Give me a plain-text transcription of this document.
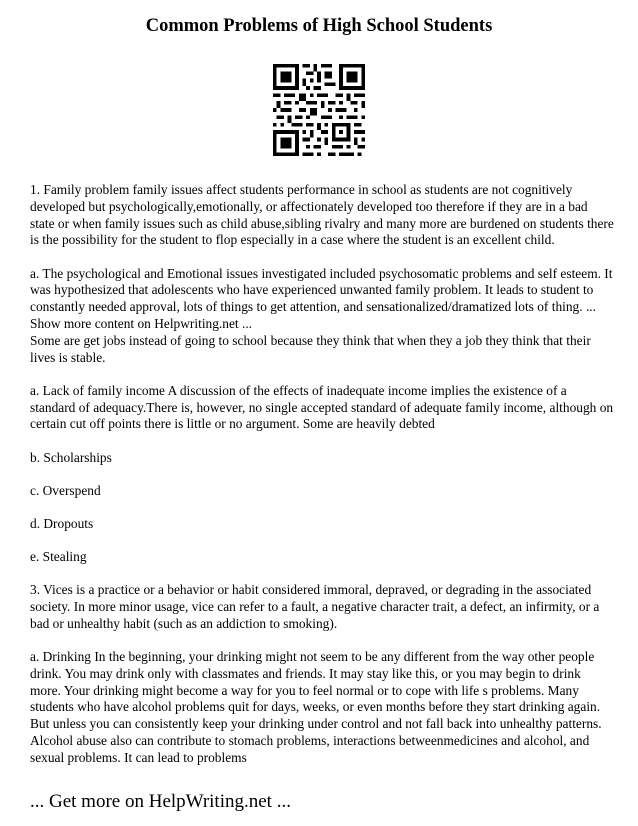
Common Problems of High School Students

1. Family problem family issues affect students performance in school as students are not cognitively developed but psychologically,emotionally, or affectionately developed too therefore if they are in a bad state or when family issues such as child abuse,sibling rivalry and many more are burdened on students there is the possibility for the student to flop especially in a case where the student is an excellent child.

a. The psychological and Emotional issues investigated included psychosomatic problems and self esteem. It was hypothesized that adolescents who have experienced unwanted family problem. It leads to student to constantly needed approval, lots of things to get attention, and sensationalized/dramatized lots of thing. ... Show more content on Helpwriting.net ...

Some are get jobs instead of going to school because they think that when they a job they think that their lives is stable.

a. Lack of family income A discussion of the effects of inadequate income implies the existence of a standard of adequacy.There is, however, no single accepted standard of adequate family income, although on certain cut off points there is little or no argument. Some are heavily debted

b. Scholarships

c. Overspend

d. Dropouts

e. Stealing

3. Vices is a practice or a behavior or habit considered immoral, depraved, or degrading in the associated society. In more minor usage, vice can refer to a fault, a negative character trait, a defect, an infirmity, or a bad or unhealthy habit (such as an addiction to smoking).

a. Drinking In the beginning, your drinking might not seem to be any different from the way other people drink. You may drink only with classmates and friends. It may stay like this, or you may begin to drink more. Your drinking might become a way for you to feel normal or to cope with life s problems. Many students who have alcohol problems quit for days, weeks, or even months before they start drinking again. But unless you can consistently keep your drinking under control and not fall back into unhealthy patterns. Alcohol abuse also can contribute to stomach problems, interactions betweenmedicines and alcohol, and sexual problems. It can lead to problems

... Get more on HelpWriting.net ...
